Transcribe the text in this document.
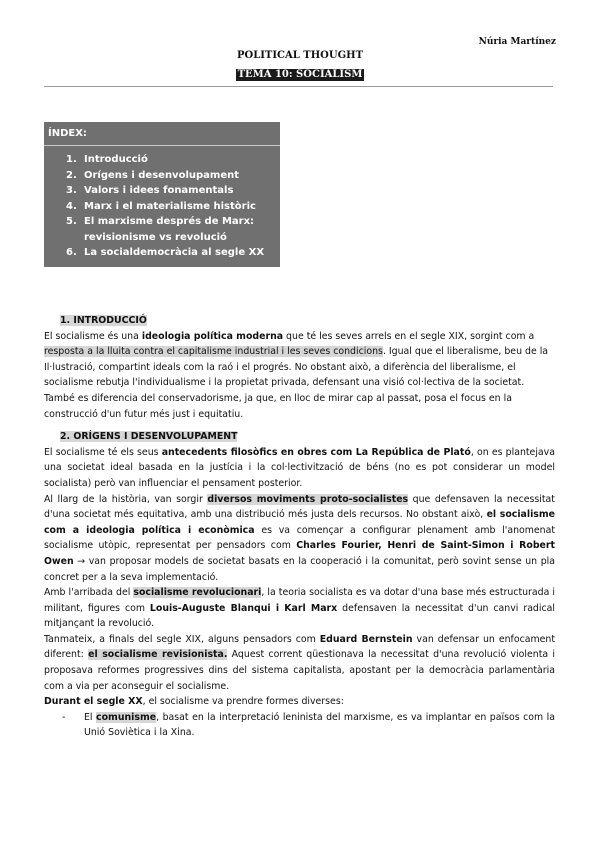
Núria Martínez
POLITICAL THOUGHT
TEMA 10: SOCIALISM
ÍNDEX:
1. Introducció
2. Orígens i desenvolupament
3. Valors i idees fonamentals
4. Marx i el materialisme històric
5. El marxisme després de Marx: revisionisme vs revolució
6. La socialdemocràcia al segle XX

1. INTRODUCCIÓ

El socialisme és una ideologia política moderna que té les seves arrels en el segle XIX, sorgint com a resposta a la lluita contra el capitalisme industrial i les seves condicions. Igual que el liberalisme, beu de la Il·lustració, compartint ideals com la raó i el progrés. No obstant això, a diferència del liberalisme, el socialisme rebutja l'individualisme i la propietat privada, defensant una visió col·lectiva de la societat. També es diferencia del conservadorisme, ja que, en lloc de mirar cap al passat, posa el focus en la construcció d'un futur més just i equitatiu.

2. ORÍGENS I DESENVOLUPAMENT

El socialisme té els seus antecedents filosòfics en obres com La República de Plató, on es plantejava una societat ideal basada en la justícia i la col·lectivització de béns (no es pot considerar un model socialista) però van influenciar el pensament posterior.

Al llarg de la història, van sorgir diversos moviments proto-socialistes que defensaven la necessitat d'una societat més equitativa, amb una distribució més justa dels recursos. No obstant això, el socialisme com a ideologia política i econòmica es va començar a configurar plenament amb l'anomenat socialisme utòpic, representat per pensadors com Charles Fourier, Henri de Saint-Simon i Robert Owen → van proposar models de societat basats en la cooperació i la comunitat, però sovint sense un pla concret per a la seva implementació.

Amb l'arribada del socialisme revolucionari, la teoria socialista es va dotar d'una base més estructurada i militant, figures com Louis-Auguste Blanqui i Karl Marx defensaven la necessitat d'un canvi radical mitjançant la revolució.

Tanmateix, a finals del segle XIX, alguns pensadors com Eduard Bernstein van defensar un enfocament diferent: el socialisme revisionista. Aquest corrent qüestionava la necessitat d'una revolució violenta i proposava reformes progressives dins del sistema capitalista, apostant per la democràcia parlamentària com a via per aconseguir el socialisme.

Durant el segle XX, el socialisme va prendre formes diverses:

-	El comunisme, basat en la interpretació leninista del marxisme, es va implantar en països com la Unió Soviètica i la Xina.
